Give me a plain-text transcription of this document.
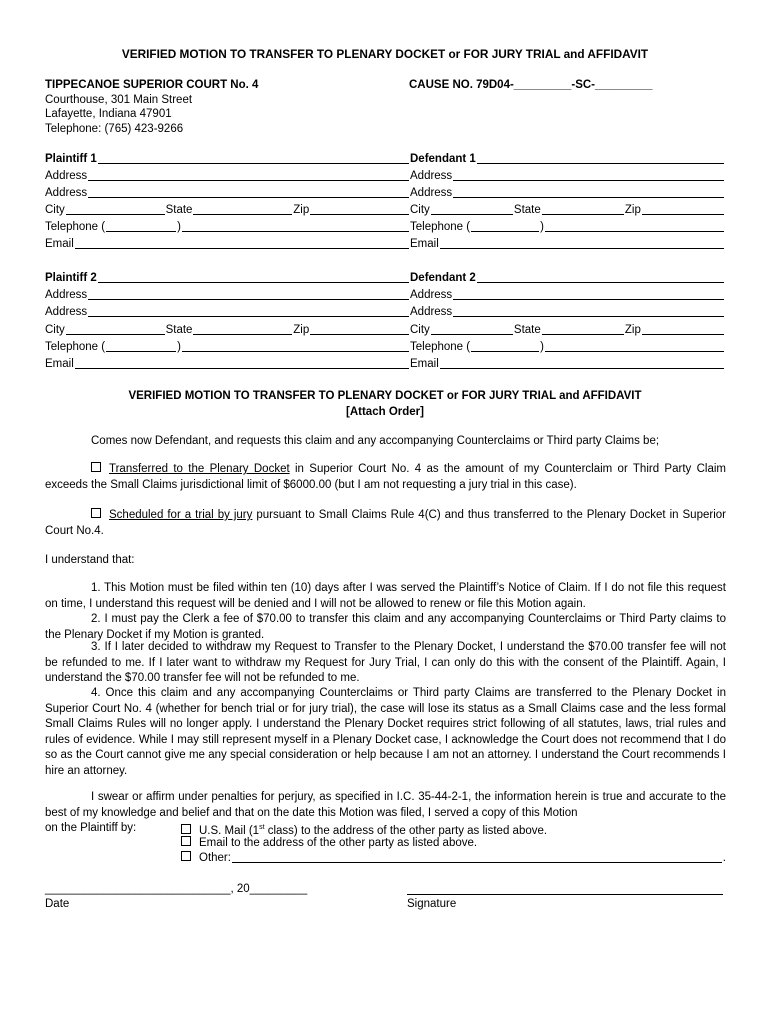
VERIFIED MOTION TO TRANSFER TO PLENARY DOCKET or FOR JURY TRIAL and AFFIDAVIT
TIPPECANOE SUPERIOR COURT No. 4	CAUSE NO. 79D04-_________-SC-_________
Courthouse, 301 Main Street
Lafayette, Indiana 47901
Telephone: (765) 423-9266
Plaintiff 1
Address
Address
City	State	Zip
Telephone (	)
Email
Defendant 1
Address
Address
City	State	Zip
Telephone (	)
Email
Plaintiff 2
Address
Address
City	State	Zip
Telephone (	)
Email
Defendant 2
Address
Address
City	State	Zip
Telephone (	)
Email
VERIFIED MOTION TO TRANSFER TO PLENARY DOCKET or FOR JURY TRIAL and AFFIDAVIT
[Attach Order]
Comes now Defendant, and requests this claim and any accompanying Counterclaims or Third party Claims be;
Transferred to the Plenary Docket in Superior Court No. 4 as the amount of my Counterclaim or Third Party Claim exceeds the Small Claims jurisdictional limit of $6000.00 (but I am not requesting a jury trial in this case).
Scheduled for a trial by jury pursuant to Small Claims Rule 4(C) and thus transferred to the Plenary Docket in Superior Court No.4.
I understand that:
1. This Motion must be filed within ten (10) days after I was served the Plaintiff’s Notice of Claim. If I do not file this request on time, I understand this request will be denied and I will not be allowed to renew or file this Motion again.
2. I must pay the Clerk a fee of $70.00 to transfer this claim and any accompanying Counterclaims or Third Party claims to the Plenary Docket if my Motion is granted.
3. If I later decided to withdraw my Request to Transfer to the Plenary Docket, I understand the $70.00 transfer fee will not be refunded to me. If I later want to withdraw my Request for Jury Trial, I can only do this with the consent of the Plaintiff. Again, I understand the $70.00 transfer fee will not be refunded to me.
4. Once this claim and any accompanying Counterclaims or Third party Claims are transferred to the Plenary Docket in Superior Court No. 4 (whether for bench trial or for jury trial), the case will lose its status as a Small Claims case and the less formal Small Claims Rules will no longer apply. I understand the Plenary Docket requires strict following of all statutes, laws, trial rules and rules of evidence. While I may still represent myself in a Plenary Docket case, I acknowledge the Court does not recommend that I do so as the Court cannot give me any special consideration or help because I am not an attorney. I understand the Court recommends I hire an attorney.
I swear or affirm under penalties for perjury, as specified in I.C. 35-44-2-1, the information herein is true and accurate to the best of my knowledge and belief and that on the date this Motion was filed, I served a copy of this Motion
on the Plaintiff by:	U.S. Mail (1st class) to the address of the other party as listed above.
Email to the address of the other party as listed above.
Other:	.
_____________________________, 20_________
Date	Signature
